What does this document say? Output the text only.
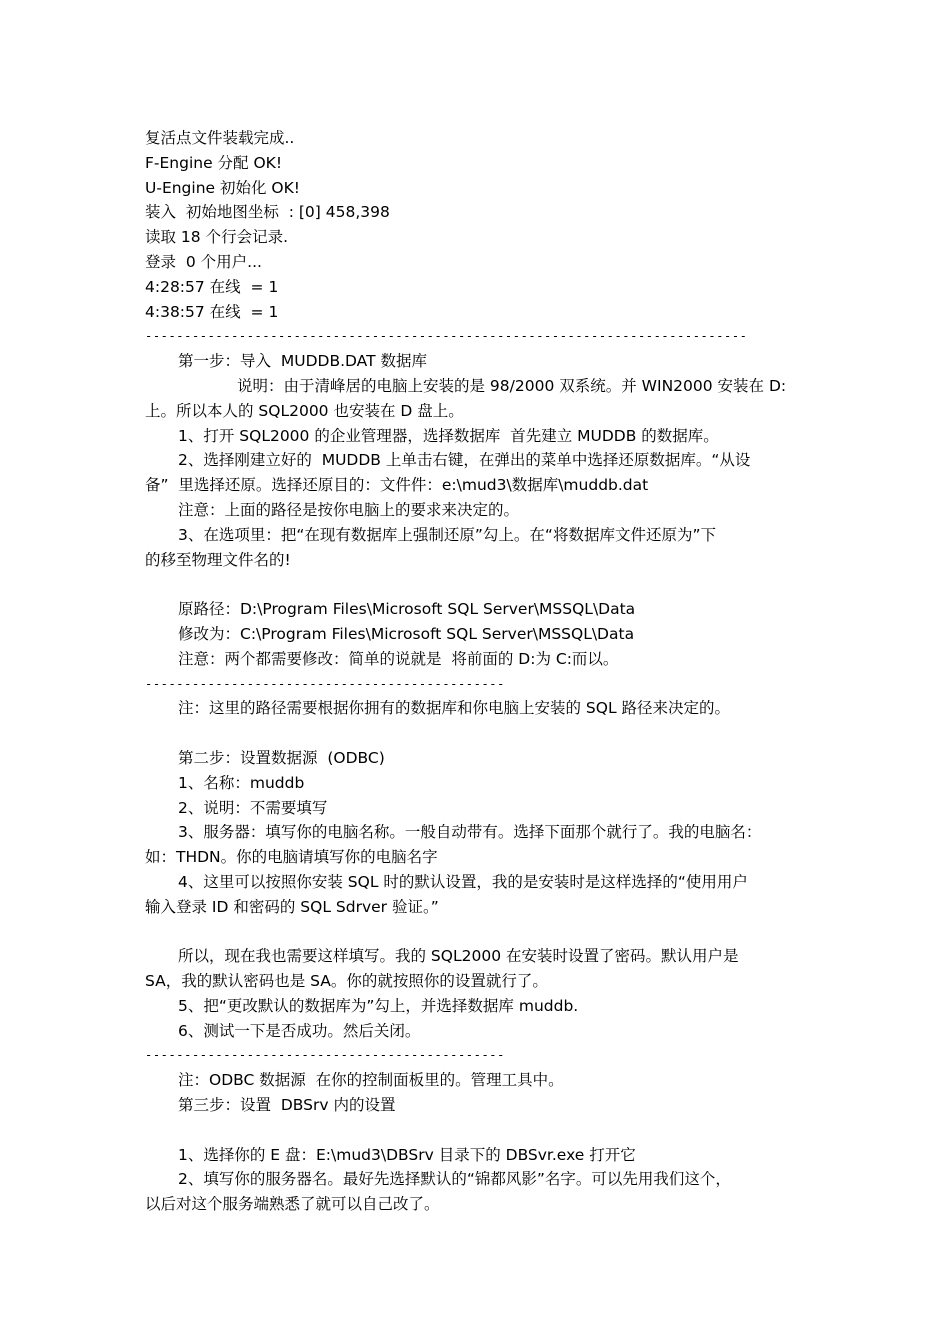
复活点文件装载完成..
F-Engine 分配 OK!
U-Engine 初始化 OK!
装入  初始地图坐标  : [0] 458,398
读取 18 个行会记录.
登录  0 个用户...
4:28:57 在线  = 1
4:38:57 在线  = 1
-----------------------------------------------------------------------------
第一步：导入  MUDDB.DAT 数据库
说明：由于清峰居的电脑上安装的是 98/2000 双系统。并 WIN2000 安装在 D:
上。所以本人的 SQL2000 也安装在 D 盘上。
1、打开 SQL2000 的企业管理器，选择数据库  首先建立 MUDDB 的数据库。
2、选择刚建立好的  MUDDB 上单击右键，在弹出的菜单中选择还原数据库。“从设
备”  里选择还原。选择还原目的：文件件：e:\mud3\数据库\muddb.dat
注意：上面的路径是按你电脑上的要求来决定的。
3、在选项里：把“在现有数据库上强制还原”勾上。在“将数据库文件还原为”下
的移至物理文件名的!
原路径：D:\Program Files\Microsoft SQL Server\MSSQL\Data
修改为：C:\Program Files\Microsoft SQL Server\MSSQL\Data
注意：两个都需要修改：简单的说就是  将前面的 D:为 C:而以。
----------------------------------------------
注：这里的路径需要根据你拥有的数据库和你电脑上安装的 SQL 路径来决定的。
第二步：设置数据源  (ODBC)
1、名称：muddb
2、说明：不需要填写
3、服务器：填写你的电脑名称。一般自动带有。选择下面那个就行了。我的电脑名：
如：THDN。你的电脑请填写你的电脑名字
4、这里可以按照你安装 SQL 时的默认设置，我的是安装时是这样选择的“使用用户
输入登录 ID 和密码的 SQL Sdrver 验证。”
所以，现在我也需要这样填写。我的 SQL2000 在安装时设置了密码。默认用户是
SA，我的默认密码也是 SA。你的就按照你的设置就行了。
5、把“更改默认的数据库为”勾上，并选择数据库 muddb.
6、测试一下是否成功。然后关闭。
----------------------------------------------
注：ODBC 数据源  在你的控制面板里的。管理工具中。
第三步：设置  DBSrv 内的设置
1、选择你的 E 盘：E:\mud3\DBSrv 目录下的 DBSvr.exe 打开它
2、填写你的服务器名。最好先选择默认的“锦都风影”名字。可以先用我们这个，
以后对这个服务端熟悉了就可以自己改了。
